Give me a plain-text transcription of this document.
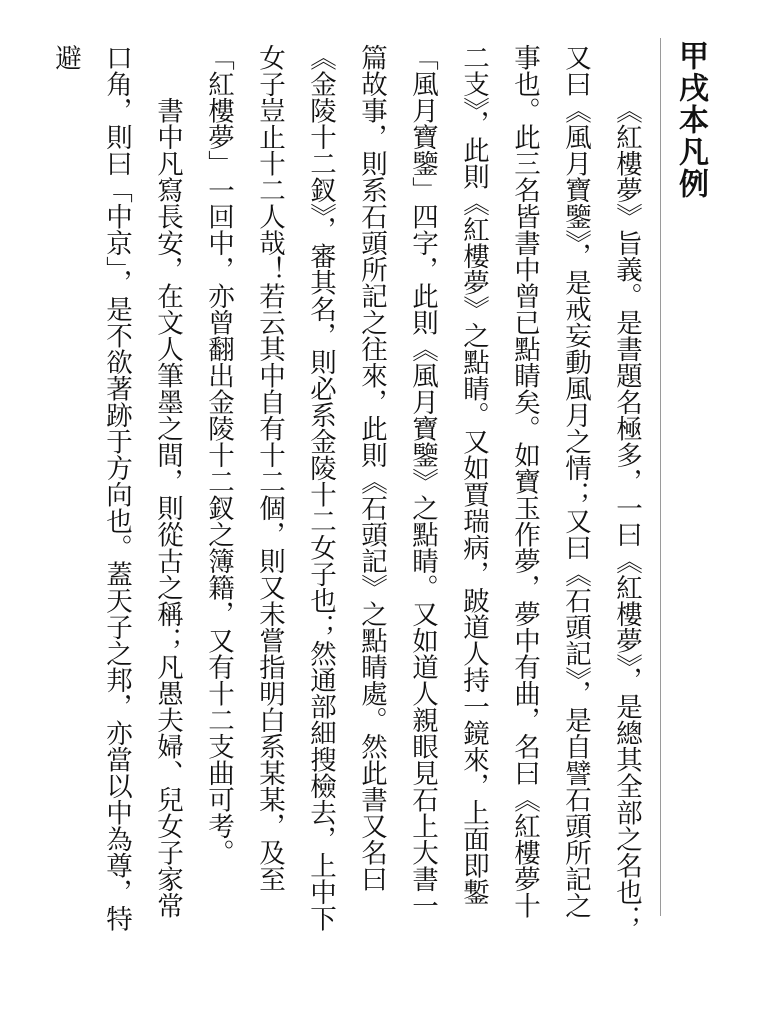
甲戌本凡例

《紅樓夢》旨義。是書題名極多，一曰《紅樓夢》，是總其全部之名也；又曰《風月寶鑒》，是戒妄動風月之情；又曰《石頭記》，是自譬石頭所記之事也。此三名皆書中曾已點睛矣。如寶玉作夢，夢中有曲，名曰《紅樓夢十二支》，此則《紅樓夢》之點睛。又如賈瑞病，跛道人持一鏡來，上面即鏨「風月寶鑒」四字，此則《風月寶鑒》之點睛。又如道人親眼見石上大書一篇故事，則系石頭所記之往來，此則《石頭記》之點睛處。然此書又名曰《金陵十二釵》，審其名，則必系金陵十二女子也；然通部細搜檢去，上中下女子豈止十二人哉！若云其中自有十二個，則又未嘗指明白系某某，及至「紅樓夢」一回中，亦曾翻出金陵十二釵之簿籍，又有十二支曲可考。

書中凡寫長安，在文人筆墨之間，則從古之稱；凡愚夫婦、兒女子家常口角，則曰「中京」，是不欲著跡于方向也。蓋天子之邦，亦當以中為尊，特避
